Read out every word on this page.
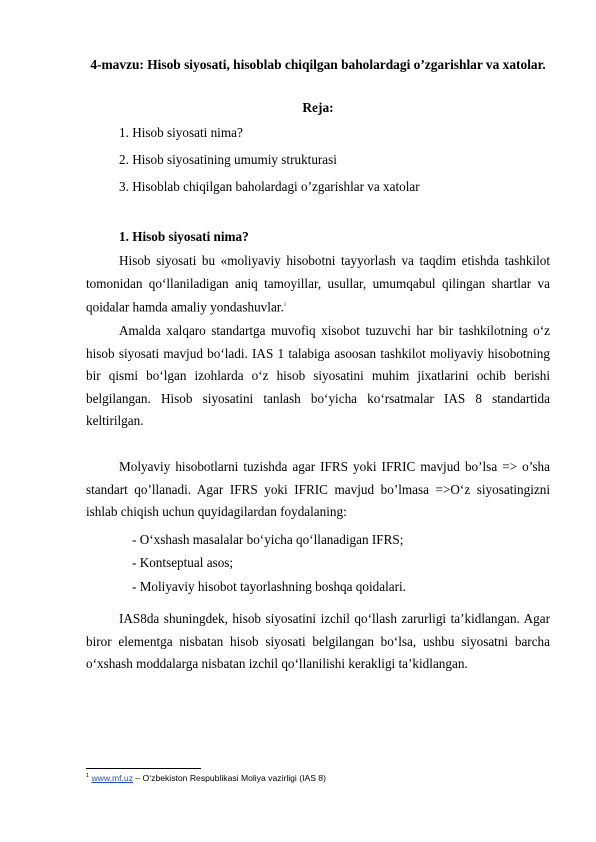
4-mavzu: Hisob siyosati, hisoblab chiqilgan baholardagi o’zgarishlar va xatolar.
Reja:
1. Hisob siyosati nima?
2. Hisob siyosatining umumiy strukturasi
3. Hisoblab chiqilgan baholardagi o’zgarishlar va xatolar
1. Hisob siyosati nima?

Hisob siyosati bu «moliyaviy hisobotni tayyorlash va taqdim etishda tashkilot tomonidan qo‘llaniladigan aniq tamoyillar, usullar, umumqabul qilingan shartlar va qoidalar hamda amaliy yondashuvlar.$^1$

Amalda xalqaro standartga muvofiq xisobot tuzuvchi har bir tashkilotning o‘z hisob siyosati mavjud bo‘ladi. IAS 1 talabiga asoosan tashkilot moliyaviy hisobotning bir qismi bo‘lgan izohlarda o‘z hisob siyosatini muhim jixatlarini ochib berishi belgilangan. Hisob siyosatini tanlash bo‘yicha ko‘rsatmalar IAS 8 standartida keltirilgan.

Molyaviy hisobotlarni tuzishda agar IFRS yoki IFRIC mavjud bo’lsa => o’sha standart qo’llanadi. Agar IFRS yoki IFRIC mavjud bo’lmasa =>O‘z siyosatingizni ishlab chiqish uchun quyidagilardan foydalaning:

- O‘xshash masalalar bo‘yicha qo‘llanadigan IFRS;
- Kontseptual asos;
- Moliyaviy hisobot tayorlashning boshqa qoidalari.

IAS8da shuningdek, hisob siyosatini izchil qo‘llash zarurligi ta’kidlangan. Agar biror elementga nisbatan hisob siyosati belgilangan bo‘lsa, ushbu siyosatni barcha o‘xshash moddalarga nisbatan izchil qo‘llanilishi kerakligi ta’kidlangan.

$^1$ www.mf.uz – O‘zbekiston Respublikasi Moliya vazirligi (IAS 8)
